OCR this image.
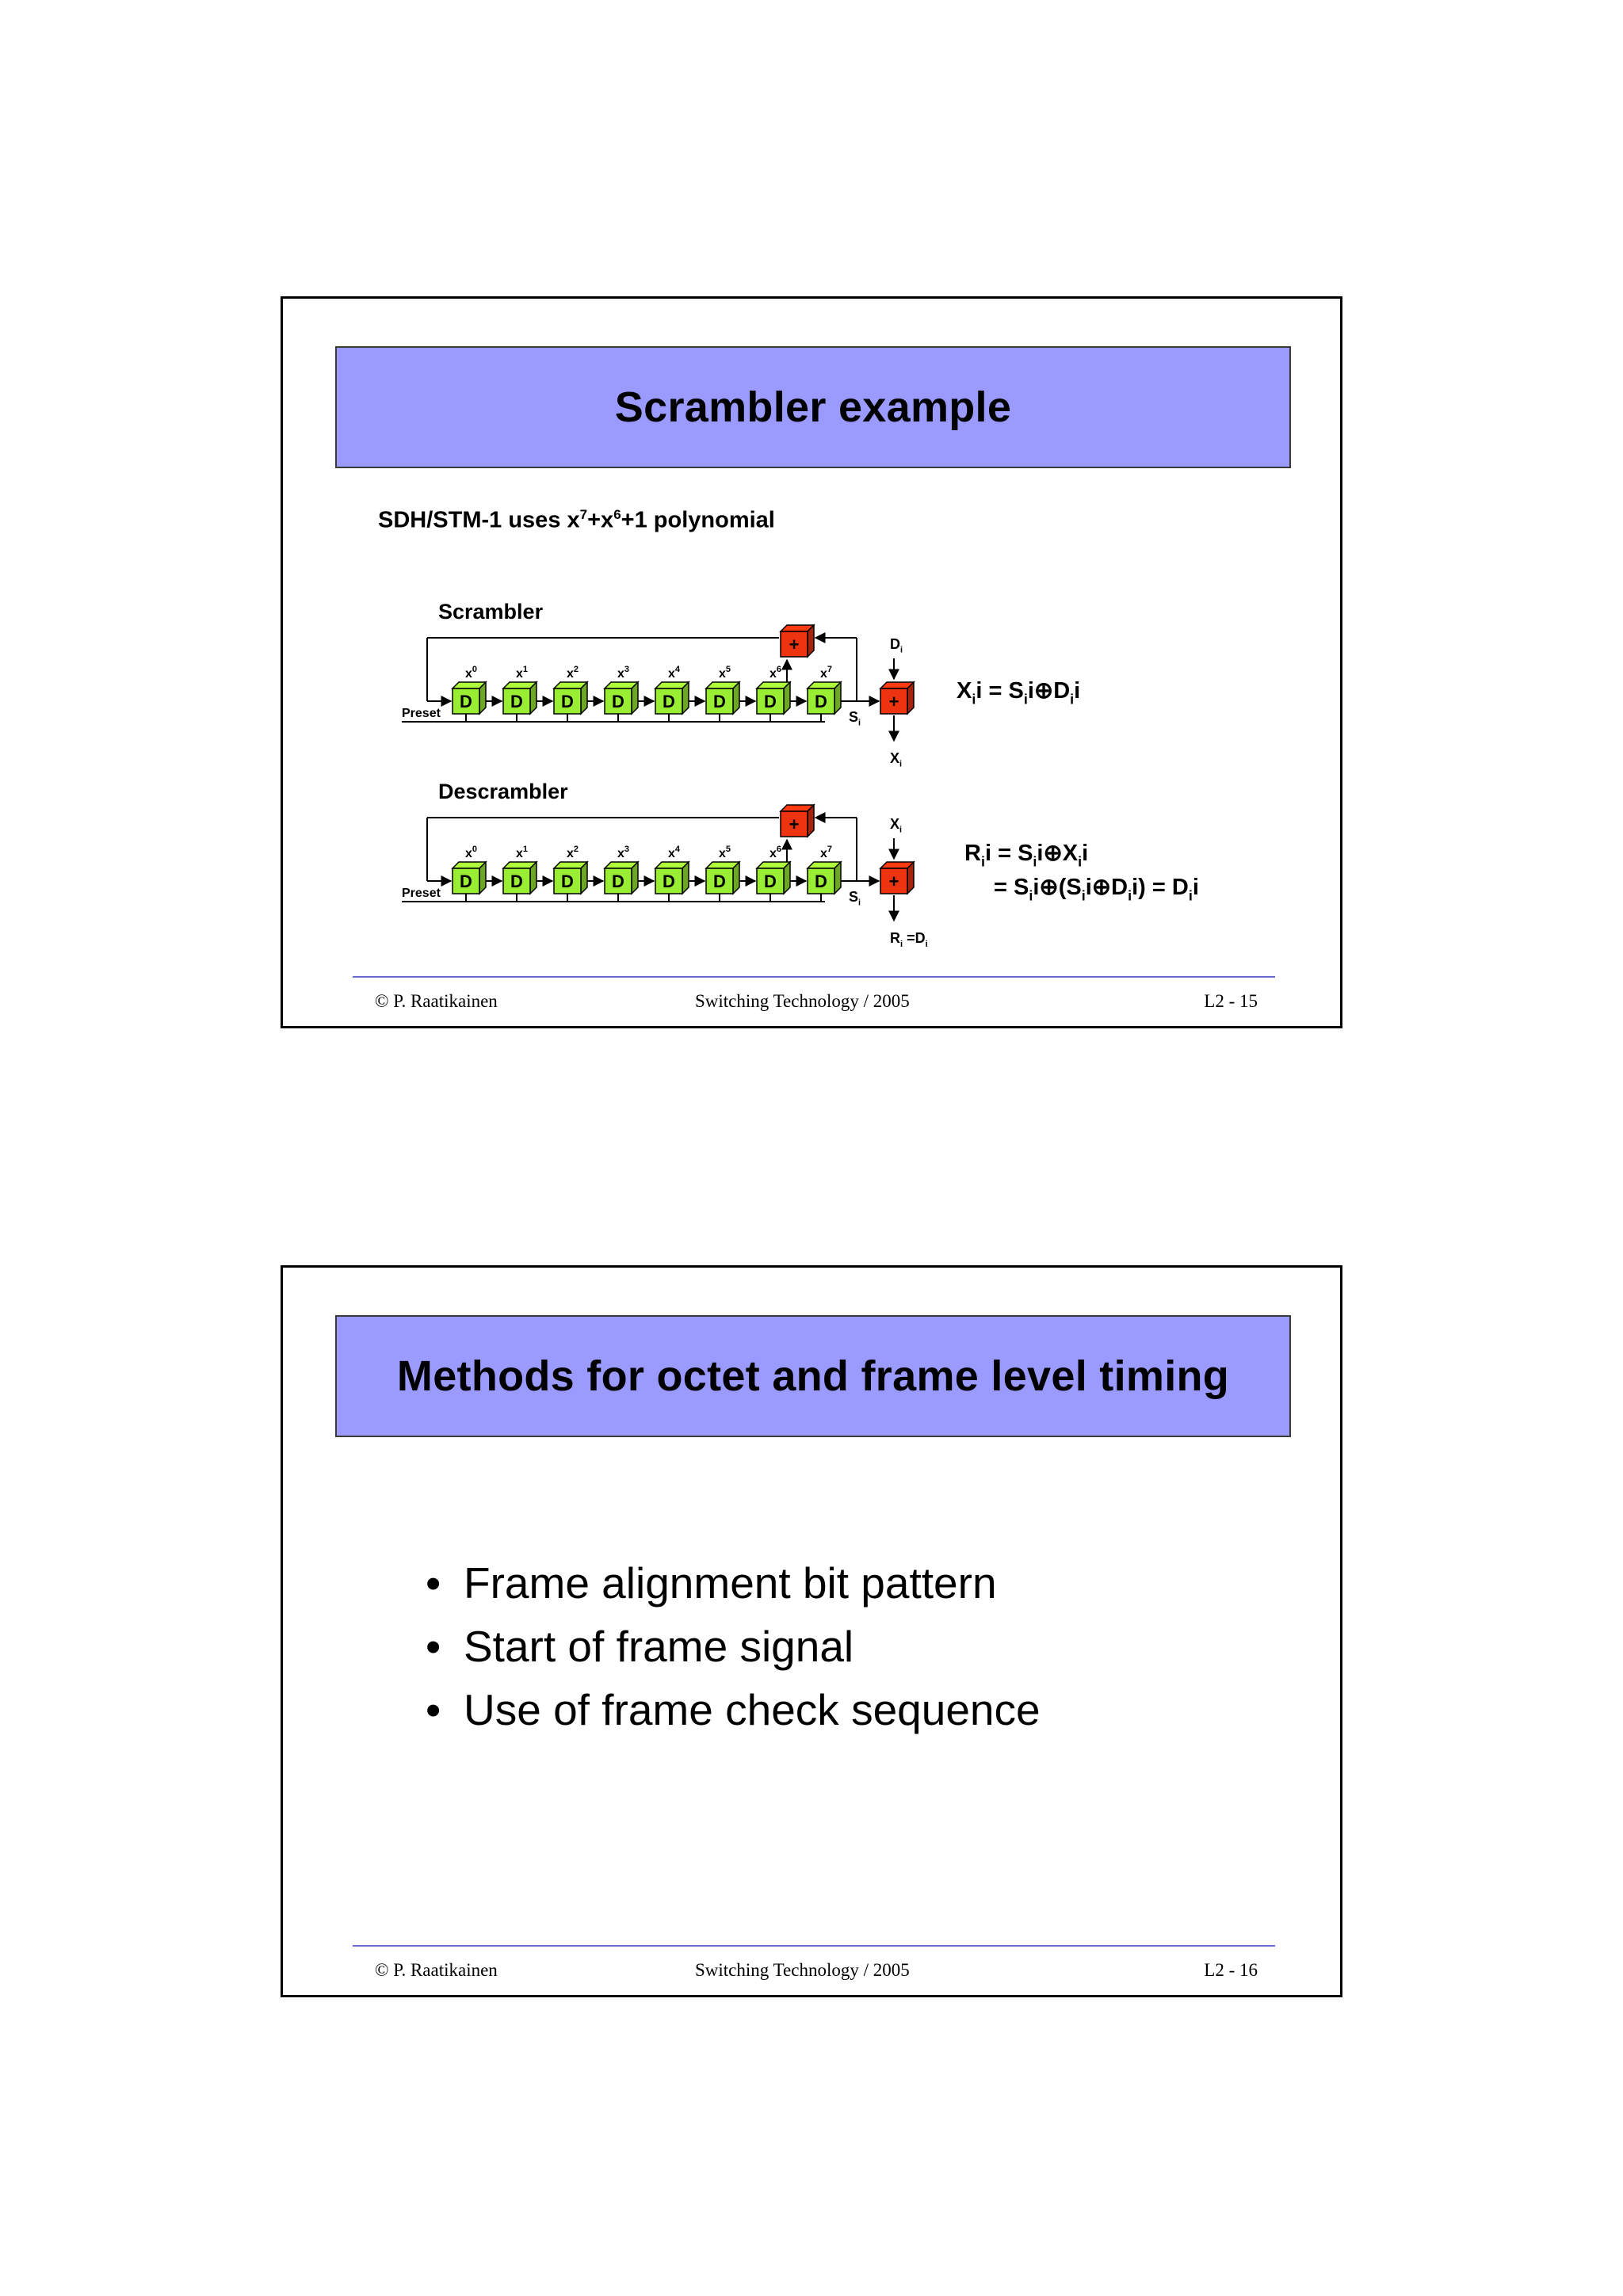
Scrambler example
SDH/STM-1 uses $x^7+x^6+1$ polynomial
Scrambler
Preset	$S_i$
D
$x^0$
D
$x^1$
D
$x^2$
D
$x^3$
D
$x^4$
D
$x^5$
D
$x^6$
D
$x^7$
+
+
$D_i$
$X_i$
Descrambler
Preset	$S_i$
D
$x^0$
D
$x^1$
D
$x^2$
D
$x^3$
D
$x^4$
D
$x^5$
D
$x^6$
D
$x^7$
+
+
$X_i$
$R_i =D_i$
$X_ii$ = $S_ii\oplus D_ii$
$R_ii$ = $S_ii\oplus X_ii$
= $S_ii\oplus(S_ii\oplus D_ii) = D_ii$
© P. Raatikainen	Switching Technology / 2005	L2 - 15
Methods for octet and frame level timing
• Frame alignment bit pattern
• Start of frame signal
• Use of frame check sequence
© P. Raatikainen	Switching Technology / 2005	L2 - 16
